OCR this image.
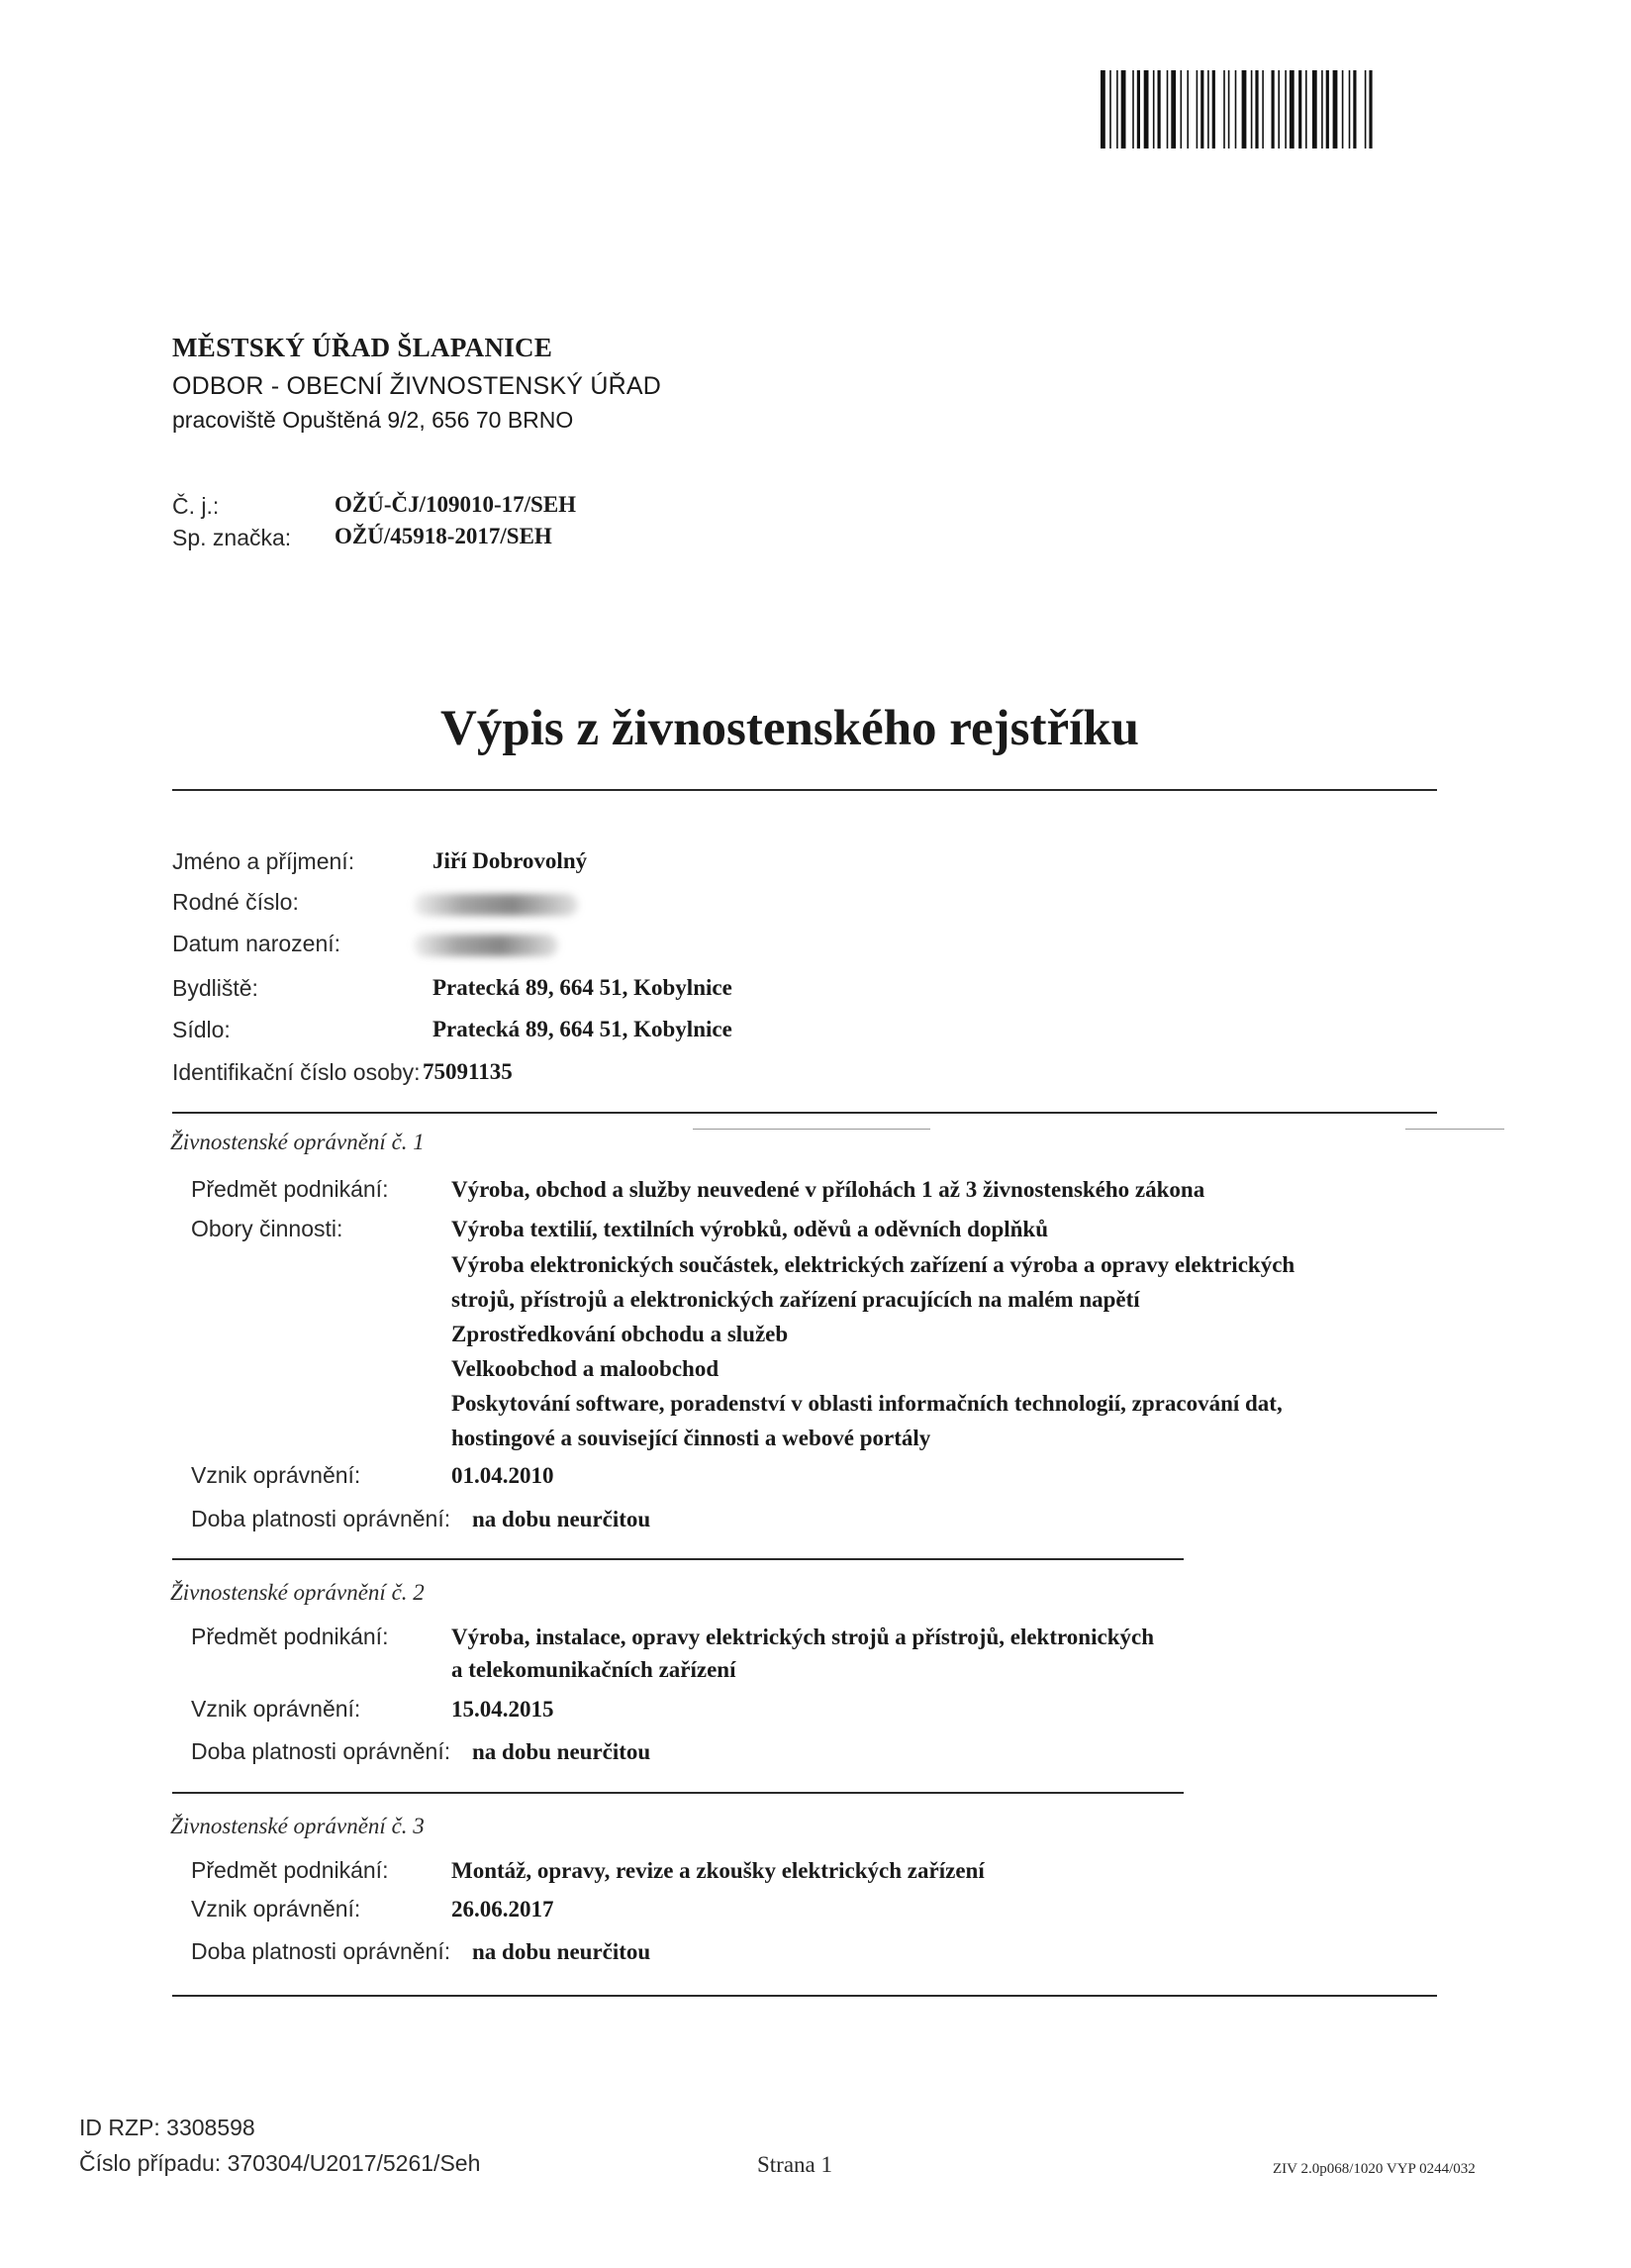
MĚSTSKÝ ÚŘAD ŠLAPANICE
ODBOR - OBECNÍ ŽIVNOSTENSKÝ ÚŘAD
pracoviště Opuštěná 9/2, 656 70 BRNO
Č. j.:	OŽÚ-ČJ/109010-17/SEH
Sp. značka: OŽÚ/45918-2017/SEH
Výpis z živnostenského rejstříku
Jméno a příjmení:	Jiří Dobrovolný
Rodné číslo:
Datum narození:
Bydliště:	Pratecká 89, 664 51, Kobylnice
Sídlo:	Pratecká 89, 664 51, Kobylnice
Identifikační číslo osoby: 75091135
Živnostenské oprávnění č. 1
Předmět podnikání:	Výroba, obchod a služby neuvedené v přílohách 1 až 3 živnostenského zákona
Obory činnosti:	Výroba textilií, textilních výrobků, oděvů a oděvních doplňků
Výroba elektronických součástek, elektrických zařízení a výroba a opravy elektrických
strojů, přístrojů a elektronických zařízení pracujících na malém napětí
Zprostředkování obchodu a služeb
Velkoobchod a maloobchod
Poskytování software, poradenství v oblasti informačních technologií, zpracování dat,
hostingové a související činnosti a webové portály
Vznik oprávnění:	01.04.2010
Doba platnosti oprávnění: na dobu neurčitou
Živnostenské oprávnění č. 2
Předmět podnikání:	Výroba, instalace, opravy elektrických strojů a přístrojů, elektronických
a telekomunikačních zařízení
Vznik oprávnění:	15.04.2015
Doba platnosti oprávnění: na dobu neurčitou
Živnostenské oprávnění č. 3
Předmět podnikání:	Montáž, opravy, revize a zkoušky elektrických zařízení
Vznik oprávnění:	26.06.2017
Doba platnosti oprávnění: na dobu neurčitou
ID RZP: 3308598
Číslo případu: 370304/U2017/5261/Seh	Strana 1	ZIV 2.0p068/1020 VYP 0244/032
